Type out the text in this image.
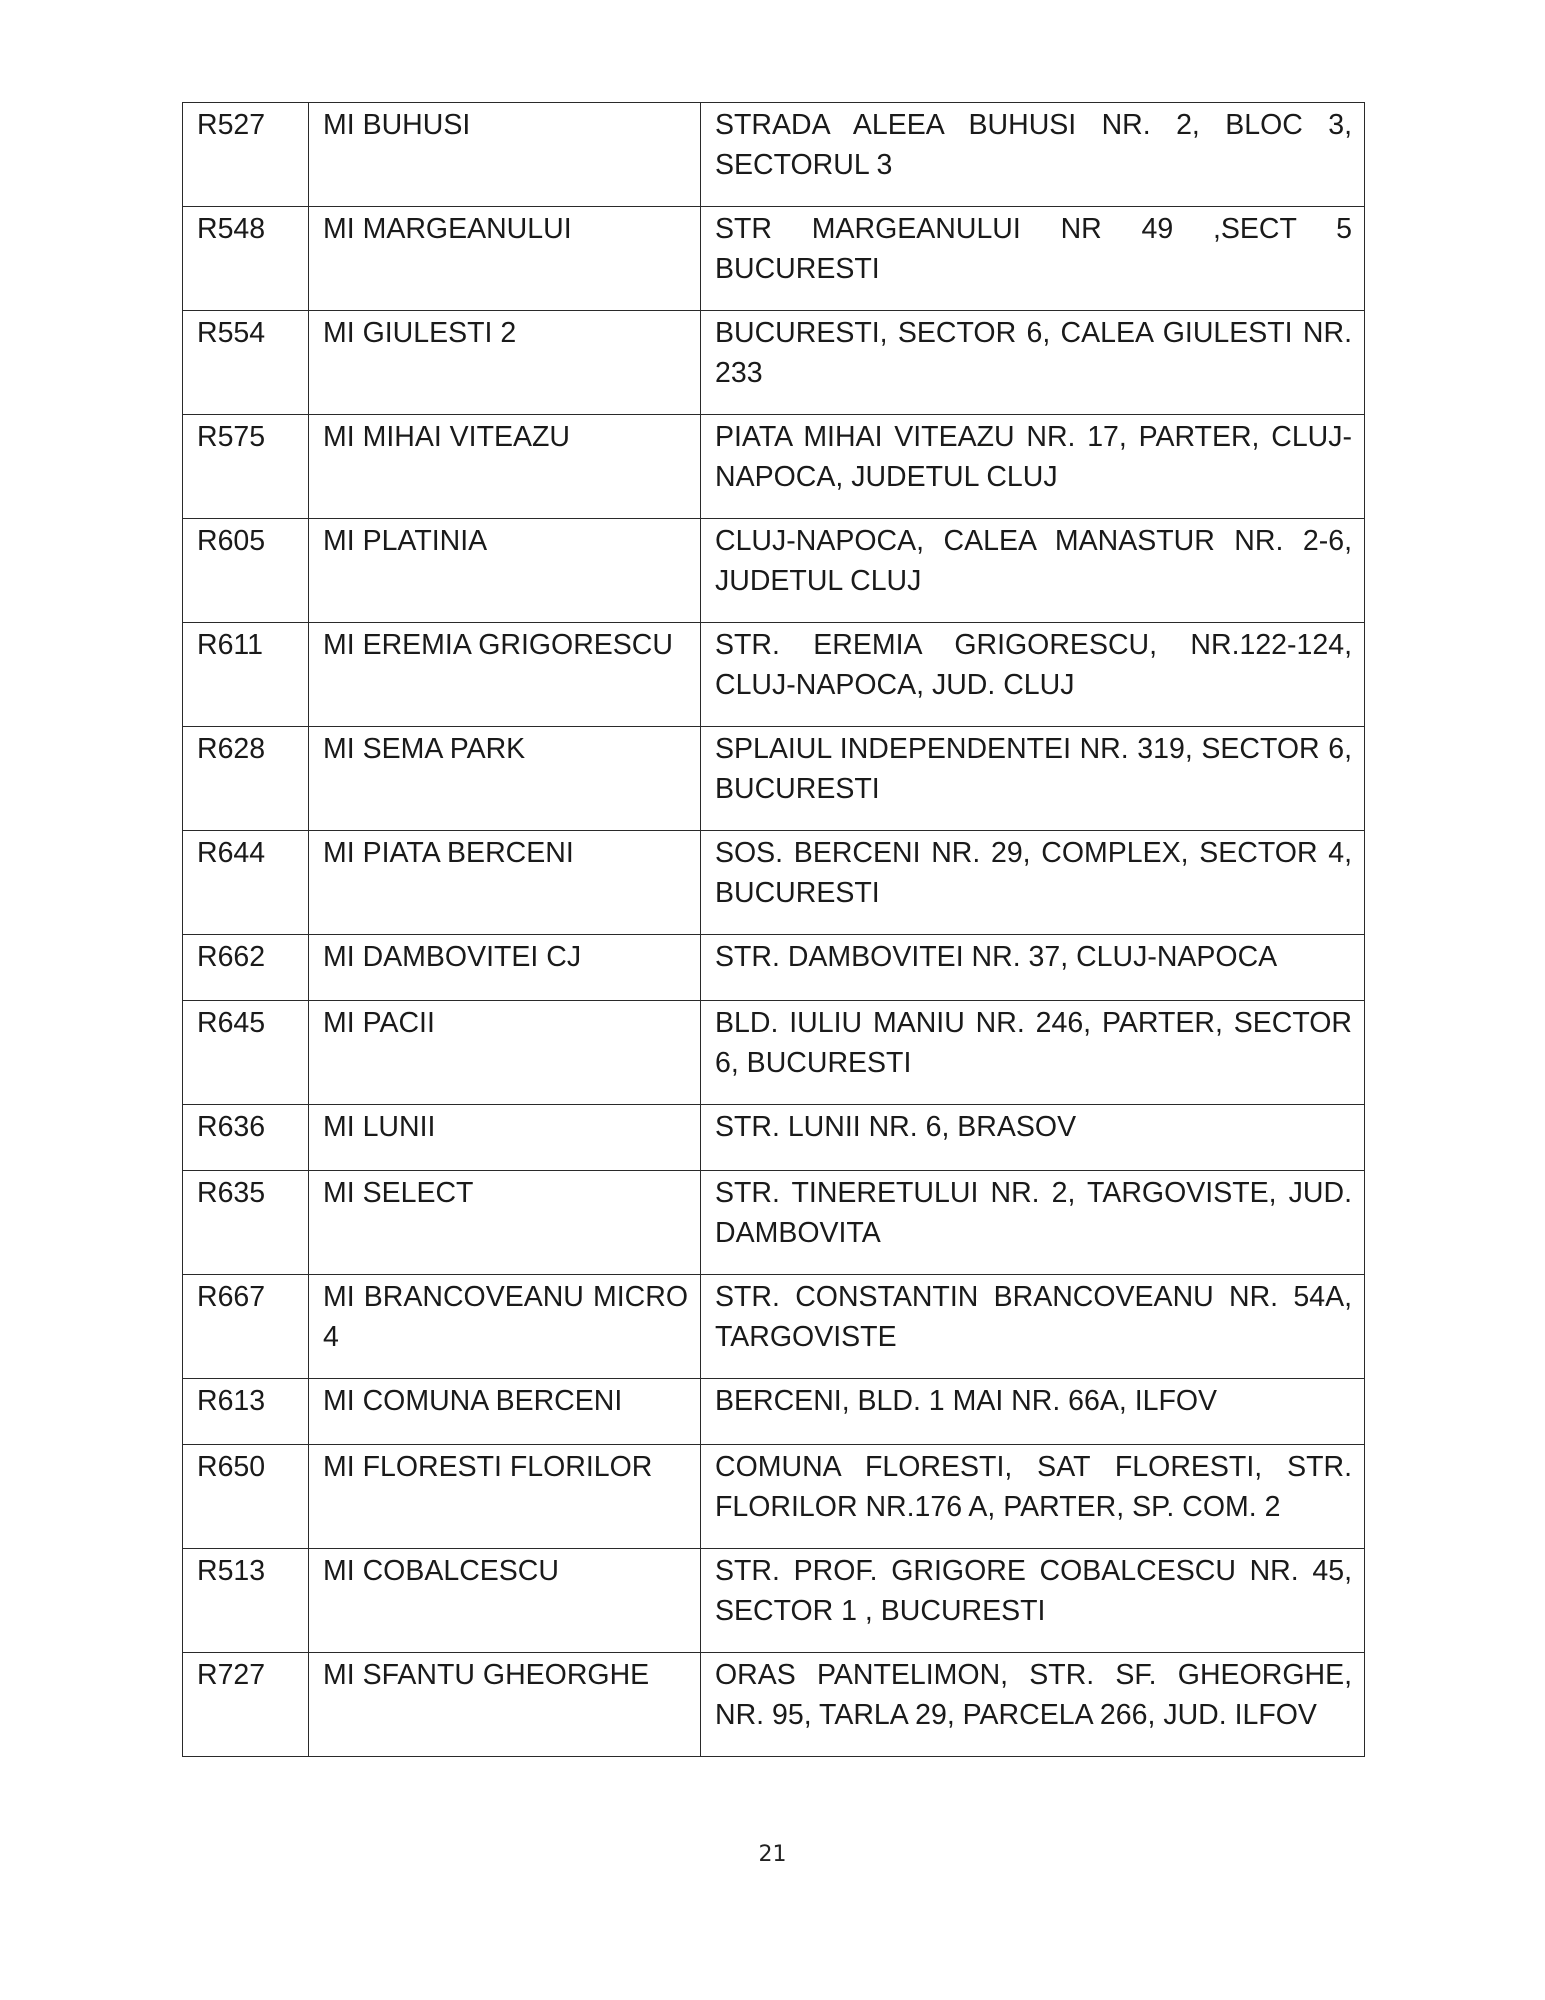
R527	MI BUHUSI	STRADA ALEEA BUHUSI NR. 2, BLOC 3, SECTORUL 3
R548	MI MARGEANULUI	STR MARGEANULUI NR 49 ,SECT 5 BUCURESTI
R554	MI GIULESTI 2	BUCURESTI, SECTOR 6, CALEA GIULESTI NR. 233
R575	MI MIHAI VITEAZU	PIATA MIHAI VITEAZU NR. 17, PARTER, CLUJ-NAPOCA, JUDETUL CLUJ
R605	MI PLATINIA	CLUJ-NAPOCA, CALEA MANASTUR NR. 2-6, JUDETUL CLUJ
R611	MI EREMIA GRIGORESCU	STR. EREMIA GRIGORESCU, NR.122-124, CLUJ-NAPOCA, JUD. CLUJ
R628	MI SEMA PARK	SPLAIUL INDEPENDENTEI NR. 319, SECTOR 6, BUCURESTI
R644	MI PIATA BERCENI	SOS. BERCENI NR. 29, COMPLEX, SECTOR 4, BUCURESTI
R662	MI DAMBOVITEI CJ	STR. DAMBOVITEI NR. 37, CLUJ-NAPOCA
R645	MI PACII	BLD. IULIU MANIU NR. 246, PARTER, SECTOR 6, BUCURESTI
R636	MI LUNII	STR. LUNII NR. 6, BRASOV
R635	MI SELECT	STR. TINERETULUI NR. 2, TARGOVISTE, JUD. DAMBOVITA
R667	MI BRANCOVEANU MICRO 4	STR. CONSTANTIN BRANCOVEANU NR. 54A, TARGOVISTE
R613	MI COMUNA BERCENI	BERCENI, BLD. 1 MAI NR. 66A, ILFOV
R650	MI FLORESTI FLORILOR	COMUNA FLORESTI, SAT FLORESTI, STR. FLORILOR NR.176 A, PARTER, SP. COM. 2
R513	MI COBALCESCU	STR. PROF. GRIGORE COBALCESCU NR. 45, SECTOR 1 , BUCURESTI
R727	MI SFANTU GHEORGHE	ORAS PANTELIMON, STR. SF. GHEORGHE, NR. 95, TARLA 29, PARCELA 266, JUD. ILFOV
21
